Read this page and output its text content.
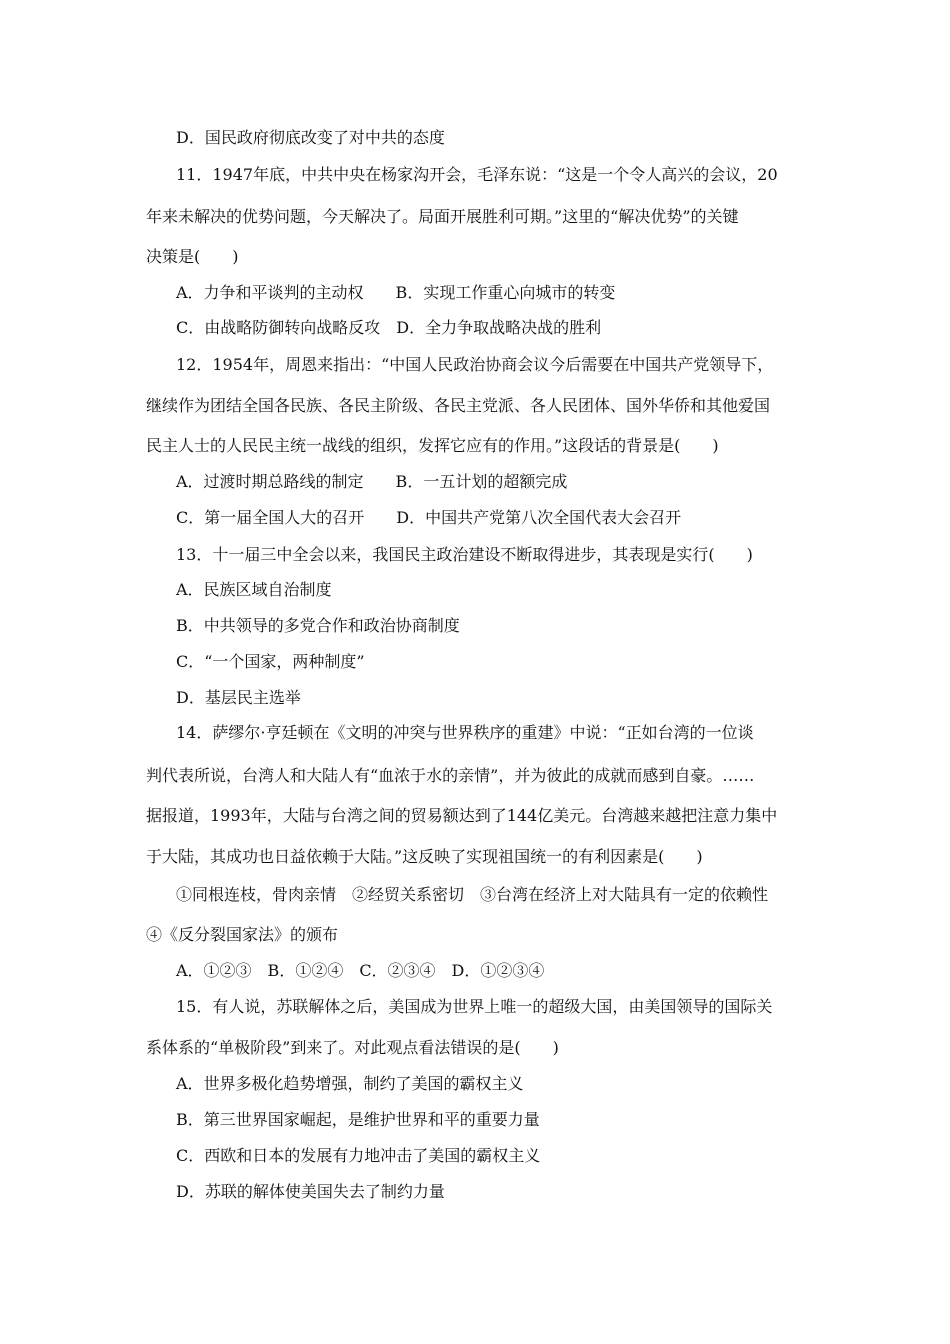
D．国民政府彻底改变了对中共的态度
11．1947年底，中共中央在杨家沟开会，毛泽东说：“这是一个令人高兴的会议，20
年来未解决的优势问题，今天解决了。局面开展胜利可期。”这里的“解决优势”的关键
决策是(　　)
A．力争和平谈判的主动权　　B．实现工作重心向城市的转变
C．由战略防御转向战略反攻　D．全力争取战略决战的胜利
12．1954年，周恩来指出：“中国人民政治协商会议今后需要在中国共产党领导下，
继续作为团结全国各民族、各民主阶级、各民主党派、各人民团体、国外华侨和其他爱国
民主人士的人民民主统一战线的组织，发挥它应有的作用。”这段话的背景是(　　)
A．过渡时期总路线的制定　　B．一五计划的超额完成
C．第一届全国人大的召开　　D．中国共产党第八次全国代表大会召开
13．十一届三中全会以来，我国民主政治建设不断取得进步，其表现是实行(　　)
A．民族区域自治制度
B．中共领导的多党合作和政治协商制度
C．“一个国家，两种制度”
D．基层民主选举
14．萨缪尔·亨廷顿在《文明的冲突与世界秩序的重建》中说：“正如台湾的一位谈
判代表所说，台湾人和大陆人有“血浓于水的亲情”，并为彼此的成就而感到自豪。……
据报道，1993年，大陆与台湾之间的贸易额达到了144亿美元。台湾越来越把注意力集中
于大陆，其成功也日益依赖于大陆。”这反映了实现祖国统一的有利因素是(　　)
①同根连枝，骨肉亲情　②经贸关系密切　③台湾在经济上对大陆具有一定的依赖性
④《反分裂国家法》的颁布
A．①②③　B．①②④　C．②③④　D．①②③④
15．有人说，苏联解体之后，美国成为世界上唯一的超级大国，由美国领导的国际关
系体系的“单极阶段”到来了。对此观点看法错误的是(　　)
A．世界多极化趋势增强，制约了美国的霸权主义
B．第三世界国家崛起，是维护世界和平的重要力量
C．西欧和日本的发展有力地冲击了美国的霸权主义
D．苏联的解体使美国失去了制约力量
